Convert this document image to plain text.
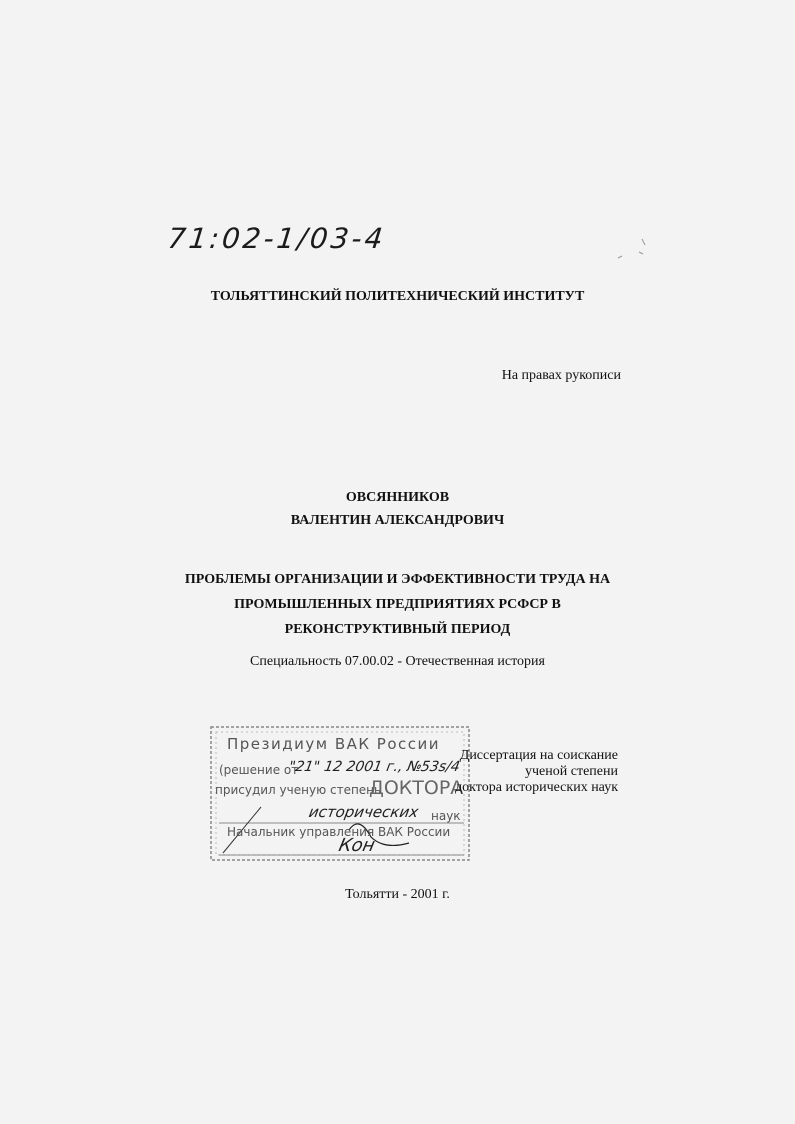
71:02-1/03-4
ТОЛЬЯТТИНСКИЙ ПОЛИТЕХНИЧЕСКИЙ ИНСТИТУТ
На правах рукописи
ОВСЯННИКОВ
ВАЛЕНТИН АЛЕКСАНДРОВИЧ
ПРОБЛЕМЫ ОРГАНИЗАЦИИ И ЭФФЕКТИВНОСТИ ТРУДА НА
ПРОМЫШЛЕННЫХ ПРЕДПРИЯТИЯХ РСФСР В
РЕКОНСТРУКТИВНЫЙ ПЕРИОД
Специальность 07.00.02 - Отечественная история
Президиум ВАК России
(решение от
"21" 12 2001 г., №
53s/4
присудил ученую степень
ДОКТОРА
исторических наук
Начальник управления ВАК России
Кон
Диссертация на соискание
ученой степени
доктора исторических наук
Тольятти - 2001 г.
